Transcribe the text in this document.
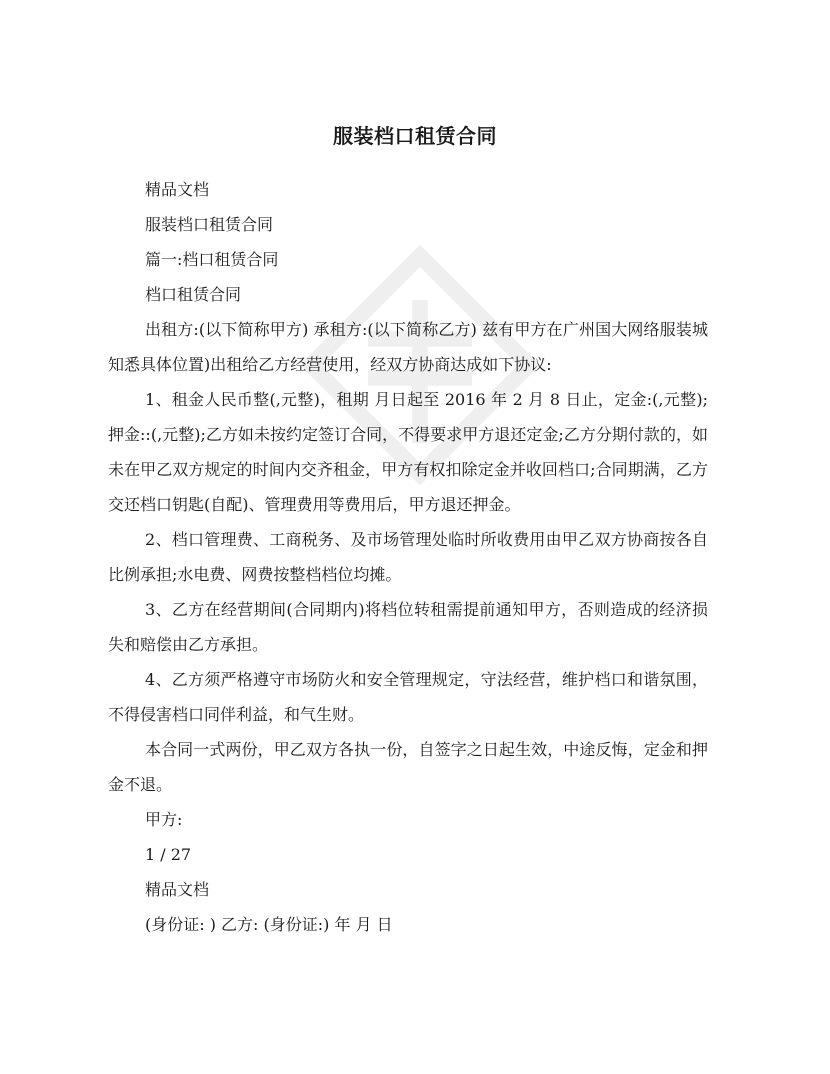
服装档口租赁合同

精品文档

服装档口租赁合同

篇一:档口租赁合同

档口租赁合同

出租方:(以下简称甲方) 承租方:(以下简称乙方) 兹有甲方在广州国大网络服装城知悉具体位置)出租给乙方经营使用，经双方协商达成如下协议:

1、租金人民币整(,元整)，租期 月日起至 2016 年 2 月 8 日止，定金:(,元整);押金::(,元整);乙方如未按约定签订合同，不得要求甲方退还定金;乙方分期付款的，如未在甲乙双方规定的时间内交齐租金，甲方有权扣除定金并收回档口;合同期满，乙方交还档口钥匙(自配)、管理费用等费用后，甲方退还押金。

2、档口管理费、工商税务、及市场管理处临时所收费用由甲乙双方协商按各自比例承担;水电费、网费按整档档位均摊。

3、乙方在经营期间(合同期内)将档位转租需提前通知甲方，否则造成的经济损失和赔偿由乙方承担。

4、乙方须严格遵守市场防火和安全管理规定，守法经营，维护档口和谐氛围，不得侵害档口同伴利益，和气生财。

本合同一式两份，甲乙双方各执一份，自签字之日起生效，中途反悔，定金和押金不退。

甲方:

1 / 27

精品文档

(身份证: ) 乙方: (身份证:) 年 月 日
